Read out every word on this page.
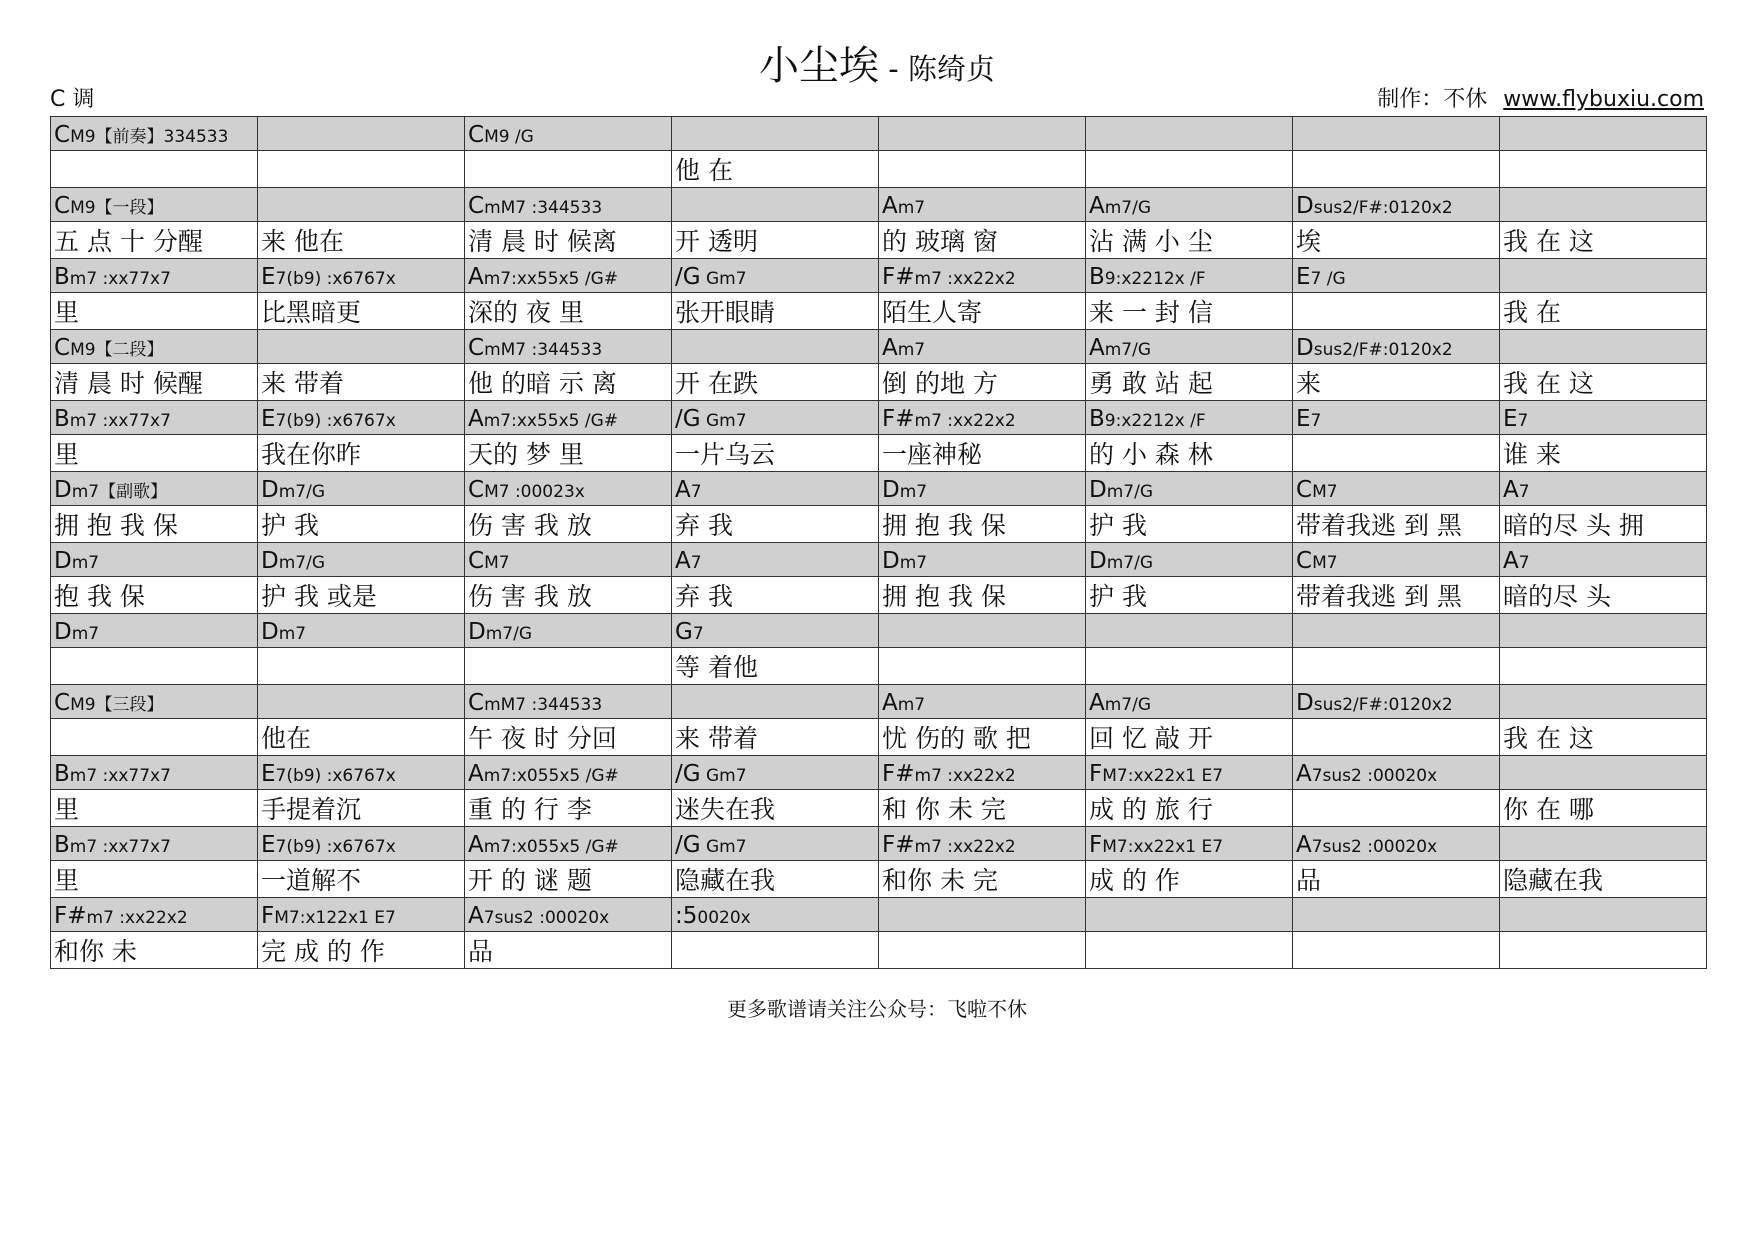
小尘埃 - 陈绮贞
C 调	制作：不休 www.flybuxiu.com
CM9【前奏】334533		CM9 /G					
			他 在				
CM9【一段】		CmM7 :344533		Am7	Am7/G	Dsus2/F#:0120x2	
五 点 十 分醒	来 他在	清 晨 时 候离	开 透明	的 玻璃 窗	沾 满 小 尘	埃	我 在 这
Bm7 :xx77x7	E7(b9) :x6767x	Am7:xx55x5 /G#	/G Gm7	F#m7 :xx22x2	B9:x2212x /F	E7 /G	
里	比黑暗更	深的 夜 里	张开眼睛	陌生人寄	来 一 封 信		我 在
CM9【二段】		CmM7 :344533		Am7	Am7/G	Dsus2/F#:0120x2	
清 晨 时 候醒	来 带着	他 的暗 示 离	开 在跌	倒 的地 方	勇 敢 站 起	来	我 在 这
Bm7 :xx77x7	E7(b9) :x6767x	Am7:xx55x5 /G#	/G Gm7	F#m7 :xx22x2	B9:x2212x /F	E7	E7
里	我在你昨	天的 梦 里	一片乌云	一座神秘	的 小 森 林		谁 来
Dm7【副歌】	Dm7/G	CM7 :00023x	A7	Dm7	Dm7/G	CM7	A7
拥 抱 我 保	护 我	伤 害 我 放	弃 我	拥 抱 我 保	护 我	带着我逃 到 黑	暗的尽 头 拥
Dm7	Dm7/G	CM7	A7	Dm7	Dm7/G	CM7	A7
抱 我 保	护 我 或是	伤 害 我 放	弃 我	拥 抱 我 保	护 我	带着我逃 到 黑	暗的尽 头
Dm7	Dm7	Dm7/G	G7				
			等 着他				
CM9【三段】		CmM7 :344533		Am7	Am7/G	Dsus2/F#:0120x2	
	他在	午 夜 时 分回	来 带着	忧 伤的 歌 把	回 忆 敲 开		我 在 这
Bm7 :xx77x7	E7(b9) :x6767x	Am7:x055x5 /G#	/G Gm7	F#m7 :xx22x2	FM7:xx22x1 E7	A7sus2 :00020x	
里	手提着沉	重 的 行 李	迷失在我	和 你 未 完	成 的 旅 行		你 在 哪
Bm7 :xx77x7	E7(b9) :x6767x	Am7:x055x5 /G#	/G Gm7	F#m7 :xx22x2	FM7:xx22x1 E7	A7sus2 :00020x	
里	一道解不	开 的 谜 题	隐藏在我	和你 未 完	成 的 作	品	隐藏在我
F#m7 :xx22x2	FM7:x122x1 E7	A7sus2 :00020x	:50020x				
和你 未	完 成 的 作	品					
更多歌谱请关注公众号：飞啦不休
